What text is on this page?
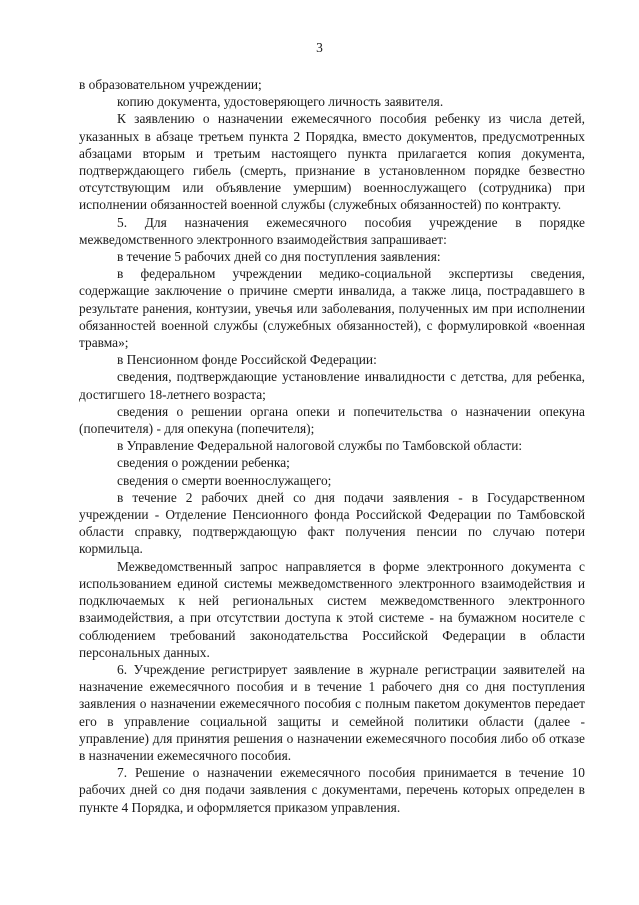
3

в образовательном учреждении;

копию документа, удостоверяющего личность заявителя.

К заявлению о назначении ежемесячного пособия ребенку из числа детей, указанных в абзаце третьем пункта 2 Порядка, вместо документов, предусмотренных абзацами вторым и третьим настоящего пункта прилагается копия документа, подтверждающего гибель (смерть, признание в установленном порядке безвестно отсутствующим или объявление умершим) военнослужащего (сотрудника) при исполнении обязанностей военной службы (служебных обязанностей) по контракту.

5. Для назначения ежемесячного пособия учреждение в порядке межведомственного электронного взаимодействия запрашивает:

в течение 5 рабочих дней со дня поступления заявления:

в федеральном учреждении медико-социальной экспертизы сведения, содержащие заключение о причине смерти инвалида, а также лица, пострадавшего в результате ранения, контузии, увечья или заболевания, полученных им при исполнении обязанностей военной службы (служебных обязанностей), с формулировкой «военная травма»;

в Пенсионном фонде Российской Федерации:

сведения, подтверждающие установление инвалидности с детства, для ребенка, достигшего 18-летнего возраста;

сведения о решении органа опеки и попечительства о назначении опекуна (попечителя) - для опекуна (попечителя);

в Управление Федеральной налоговой службы по Тамбовской области:

сведения о рождении ребенка;

сведения о смерти военнослужащего;

в течение 2 рабочих дней со дня подачи заявления - в Государственном учреждении - Отделение Пенсионного фонда Российской Федерации по Тамбовской области справку, подтверждающую факт получения пенсии по случаю потери кормильца.

Межведомственный запрос направляется в форме электронного документа с использованием единой системы межведомственного электронного взаимодействия и подключаемых к ней региональных систем межведомственного электронного взаимодействия, а при отсутствии доступа к этой системе - на бумажном носителе с соблюдением требований законодательства Российской Федерации в области персональных данных.

6. Учреждение регистрирует заявление в журнале регистрации заявителей на назначение ежемесячного пособия и в течение 1 рабочего дня со дня поступления заявления о назначении ежемесячного пособия с полным пакетом документов передает его в управление социальной защиты и семейной политики области (далее - управление) для принятия решения о назначении ежемесячного пособия либо об отказе в назначении ежемесячного пособия.

7. Решение о назначении ежемесячного пособия принимается в течение 10 рабочих дней со дня подачи заявления с документами, перечень которых определен в пункте 4 Порядка, и оформляется приказом управления.
